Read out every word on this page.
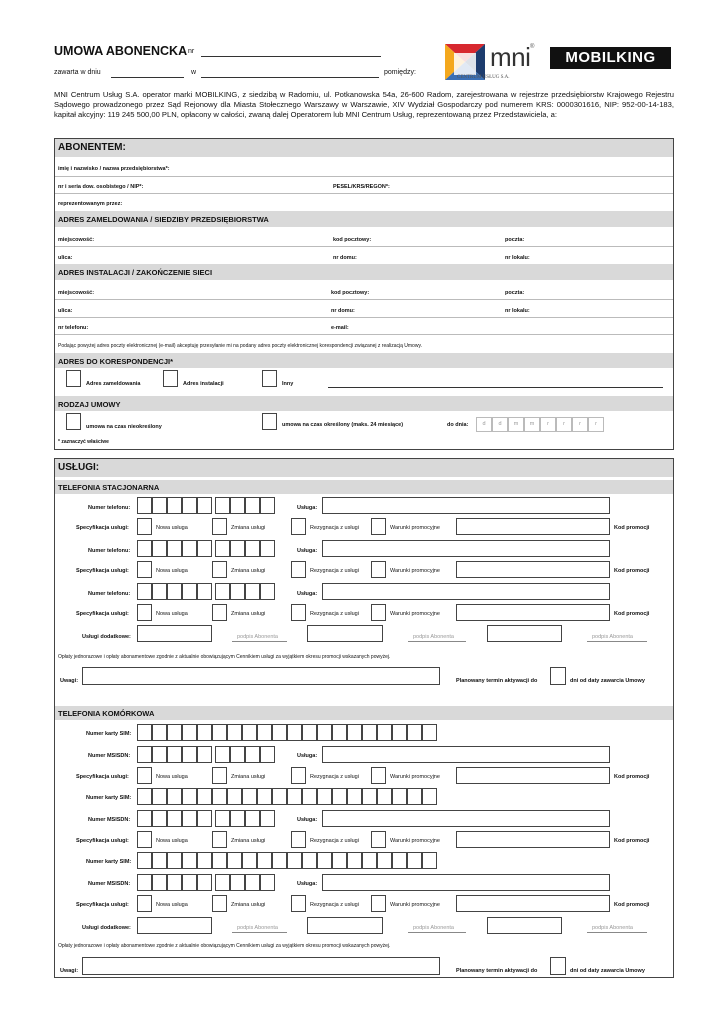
UMOWA ABONENCKA nr
zawarta w dniu	w	pomiędzy:
mni ®
CENTRUM USŁUG S.A.
MOBILKING
MNI Centrum Usług S.A. operator marki MOBILKING, z siedzibą w Radomiu, ul. Potkanowska 54a, 26-600 Radom, zarejestrowana w rejestrze przedsiębiorstw Krajowego Rejestru Sądowego prowadzonego przez Sąd Rejonowy dla Miasta Stołecznego Warszawy w Warszawie, XIV Wydział Gospodarczy pod numerem KRS: 0000301616, NIP: 952-00-14-183, kapitał akcyjny: 119 245 500,00 PLN, opłacony w całości, zwaną dalej Operatorem lub MNI Centrum Usług, reprezentowaną przez Przedstawiciela, a:
ABONENTEM:
imię i nazwisko / nazwa przedsiębiorstwa*:
nr i seria dow. osobistego / NIP*:	PESEL/KRS/REGON*:
reprezentowanym przez:
ADRES ZAMELDOWANIA / SIEDZIBY PRZEDSIĘBIORSTWA
miejscowość:	kod pocztowy:	poczta:
ulica:	nr domu:	nr lokalu:
ADRES INSTALACJI / ZAKOŃCZENIE SIECI
miejscowość:	kod pocztowy:	poczta:
ulica:	nr domu:	nr lokalu:
nr telefonu:	e-mail:
Podając powyżej adres poczty elektronicznej (e-mail) akceptuję przesyłanie mi na podany adres poczty elektronicznej korespondencji związanej z realizacją Umowy.
ADRES DO KORESPONDENCJI*
Adres zameldowania	Adres instalacji	Inny
RODZAJ UMOWY
umowa na czas nieokreślony	umowa na czas określony (maks. 24 miesiące)	do dnia:	d	d	m	m	r	r	r	r
* zaznaczyć właściwe
USŁUGI:
TELEFONIA STACJONARNA
Numer telefonu:	Usługa:
Specyfikacja usługi:	Nowa usługa	Zmiana usługi	Rezygnacja z usługi	Warunki promocyjne	Kod promocji
Numer telefonu:	Usługa:
Specyfikacja usługi:	Nowa usługa	Zmiana usługi	Rezygnacja z usługi	Warunki promocyjne	Kod promocji
Numer telefonu:	Usługa:
Specyfikacja usługi:	Nowa usługa	Zmiana usługi	Rezygnacja z usługi	Warunki promocyjne	Kod promocji
Usługi dodatkowe:	podpis Abonenta	podpis Abonenta	podpis Abonenta
Opłaty jednorazowe i opłaty abonamentowe zgodnie z aktualnie obowiązującym Cennikiem usługi za wyjątkiem okresu promocji wskazanych powyżej.
Uwagi:	Planowany termin aktywacji do	dni od daty zawarcia Umowy
TELEFONIA KOMÓRKOWA
Numer karty SIM:
Numer MSISDN:	Usługa:
Specyfikacja usługi:	Nowa usługa	Zmiana usługi	Rezygnacja z usługi	Warunki promocyjne	Kod promocji
Numer karty SIM:
Numer MSISDN:	Usługa:
Specyfikacja usługi:	Nowa usługa	Zmiana usługi	Rezygnacja z usługi	Warunki promocyjne	Kod promocji
Numer karty SIM:
Numer MSISDN:	Usługa:
Specyfikacja usługi:	Nowa usługa	Zmiana usługi	Rezygnacja z usługi	Warunki promocyjne	Kod promocji
Usługi dodatkowe:	podpis Abonenta	podpis Abonenta	podpis Abonenta
Opłaty jednorazowe i opłaty abonamentowe zgodnie z aktualnie obowiązującym Cennikiem usługi za wyjątkiem okresu promocji wskazanych powyżej.
Uwagi:	Planowany termin aktywacji do	dni od daty zawarcia Umowy
